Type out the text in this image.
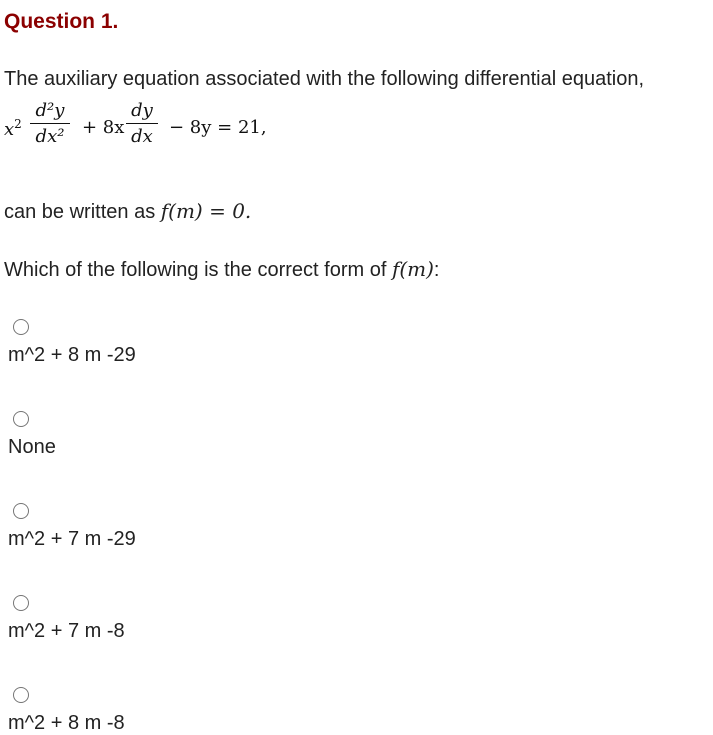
Question 1.
The auxiliary equation associated with the following differential equation,
$x^2$
d²y
dx² + 8x
dy
dx − 8y = 21,
can be written as f(m) = 0.
Which of the following is the correct form of f(m):
m^2 + 8 m -29
None
m^2 + 7 m -29
m^2 + 7 m -8
m^2 + 8 m -8
